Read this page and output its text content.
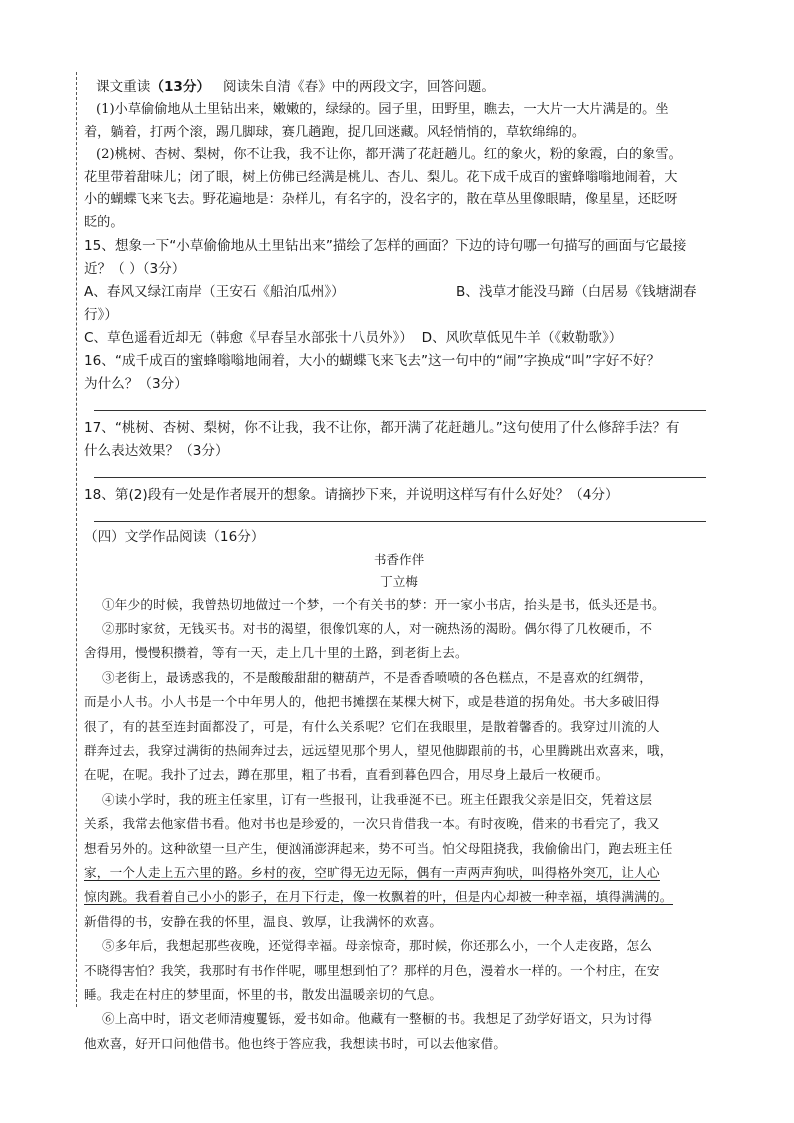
课文重读（13分） 阅读朱自清《春》中的两段文字，回答问题。
(1)小草偷偷地从土里钻出来，嫩嫩的，绿绿的。园子里，田野里，瞧去，一大片一大片满是的。坐
着，躺着，打两个滚，踢几脚球，赛几趟跑，捉几回迷藏。风轻悄悄的，草软绵绵的。
(2)桃树、杏树、梨树，你不让我，我不让你，都开满了花赶趟儿。红的象火，粉的象霞，白的象雪。
花里带着甜味儿；闭了眼，树上仿佛已经满是桃儿、杏儿、梨儿。花下成千成百的蜜蜂嗡嗡地闹着，大
小的蝴蝶飞来飞去。野花遍地是：杂样儿，有名字的，没名字的，散在草丛里像眼睛，像星星，还眨呀
眨的。
15、想象一下“小草偷偷地从土里钻出来”描绘了怎样的画面？下边的诗句哪一句描写的画面与它最接
近？（ ）（3分）
A、春风又绿江南岸（王安石《船泊瓜州》）	B、浅草才能没马蹄（白居易《钱塘湖春
行》）
C、草色遥看近却无（韩愈《早春呈水部张十八员外》） D、风吹草低见牛羊（《敕勒歌》）
16、“成千成百的蜜蜂嗡嗡地闹着，大小的蝴蝶飞来飞去”这一句中的“闹”字换成“叫”字好不好？
为什么？（3分）
17、“桃树、杏树、梨树，你不让我，我不让你，都开满了花赶趟儿。”这句使用了什么修辞手法？有
什么表达效果？（3分）
18、第(2)段有一处是作者展开的想象。请摘抄下来，并说明这样写有什么好处？（4分）
（四）文学作品阅读（16分）
书香作伴
丁立梅
①年少的时候，我曾热切地做过一个梦，一个有关书的梦：开一家小书店，抬头是书，低头还是书。
②那时家贫，无钱买书。对书的渴望，很像饥寒的人，对一碗热汤的渴盼。偶尔得了几枚硬币，不
舍得用，慢慢积攒着，等有一天，走上几十里的土路，到老街上去。
③老街上，最诱惑我的，不是酸酸甜甜的糖葫芦，不是香香喷喷的各色糕点，不是喜欢的红绸带，
而是小人书。小人书是一个中年男人的，他把书摊摆在某棵大树下，或是巷道的拐角处。书大多破旧得
很了，有的甚至连封面都没了，可是，有什么关系呢？它们在我眼里，是散着馨香的。我穿过川流的人
群奔过去，我穿过满街的热闹奔过去，远远望见那个男人，望见他脚跟前的书，心里腾跳出欢喜来，哦，
在呢，在呢。我扑了过去，蹲在那里，粗了书看，直看到暮色四合，用尽身上最后一枚硬币。
④读小学时，我的班主任家里，订有一些报刊，让我垂涎不已。班主任跟我父亲是旧交，凭着这层
关系，我常去他家借书看。他对书也是珍爱的，一次只肯借我一本。有时夜晚，借来的书看完了，我又
想看另外的。这种欲望一旦产生，便汹涌澎湃起来，势不可当。怕父母阻挠我，我偷偷出门，跑去班主任
家，一个人走上五六里的路。乡村的夜，空旷得无边无际，偶有一声两声狗吠，叫得格外突兀，让人心
惊肉跳。我看着自己小小的影子，在月下行走，像一枚飘着的叶，但是内心却被一种幸福，填得满满的。
新借得的书，安静在我的怀里，温良、敦厚，让我满怀的欢喜。
⑤多年后，我想起那些夜晚，还觉得幸福。母亲惊奇，那时候，你还那么小，一个人走夜路，怎么
不晓得害怕？我笑，我那时有书作伴呢，哪里想到怕了？那样的月色，漫着水一样的。一个村庄，在安
睡。我走在村庄的梦里面，怀里的书，散发出温暖亲切的气息。
⑥上高中时，语文老师清瘦矍铄，爱书如命。他藏有一整橱的书。我想足了劲学好语文，只为讨得
他欢喜，好开口问他借书。他也终于答应我，我想读书时，可以去他家借。
